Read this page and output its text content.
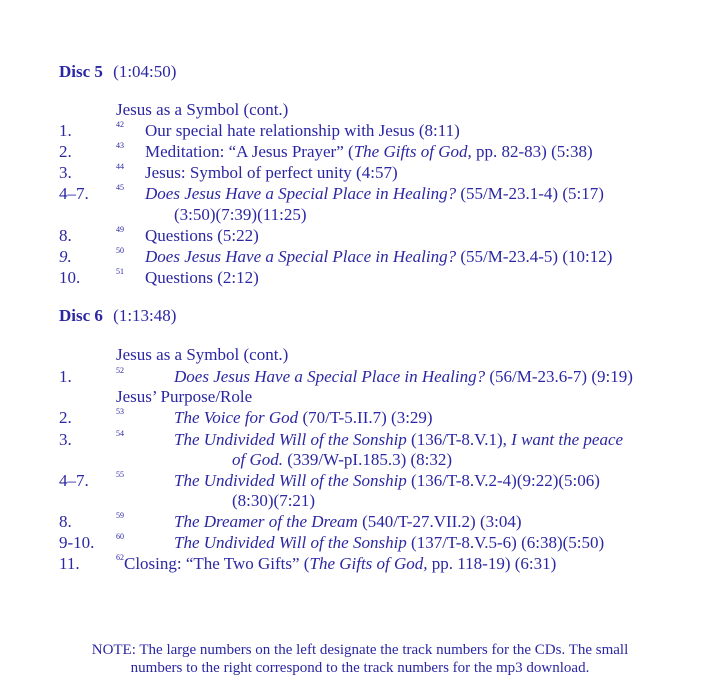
Disc 5 (1:04:50)
Jesus as a Symbol (cont.)
1.	42 Our special hate relationship with Jesus (8:11)
2.	43 Meditation: “A Jesus Prayer” (The Gifts of God, pp. 82-83) (5:38)
3.	44 Jesus: Symbol of perfect unity (4:57)
4–7.	45 Does Jesus Have a Special Place in Healing? (55/M-23.1-4) (5:17)
(3:50)(7:39)(11:25)
8.	49 Questions (5:22)
9.	50 Does Jesus Have a Special Place in Healing? (55/M-23.4-5) (10:12)
10.	51 Questions (2:12)
Disc 6 (1:13:48)
Jesus as a Symbol (cont.)
1.	52	Does Jesus Have a Special Place in Healing? (56/M-23.6-7) (9:19)
Jesus’ Purpose/Role
2.	53	The Voice for God (70/T-5.II.7) (3:29)
3.	54	The Undivided Will of the Sonship (136/T-8.V.1), I want the peace
of God. (339/W-pI.185.3) (8:32)
4–7.	55	The Undivided Will of the Sonship (136/T-8.V.2-4)(9:22)(5:06)
(8:30)(7:21)
8.	59	The Dreamer of the Dream (540/T-27.VII.2) (3:04)
9-10.	60	The Undivided Will of the Sonship (137/T-8.V.5-6) (6:38)(5:50)
11.	62 Closing: “The Two Gifts” (The Gifts of God, pp. 118-19) (6:31)
NOTE: The large numbers on the left designate the track numbers for the CDs. The small
numbers to the right correspond to the track numbers for the mp3 download.
